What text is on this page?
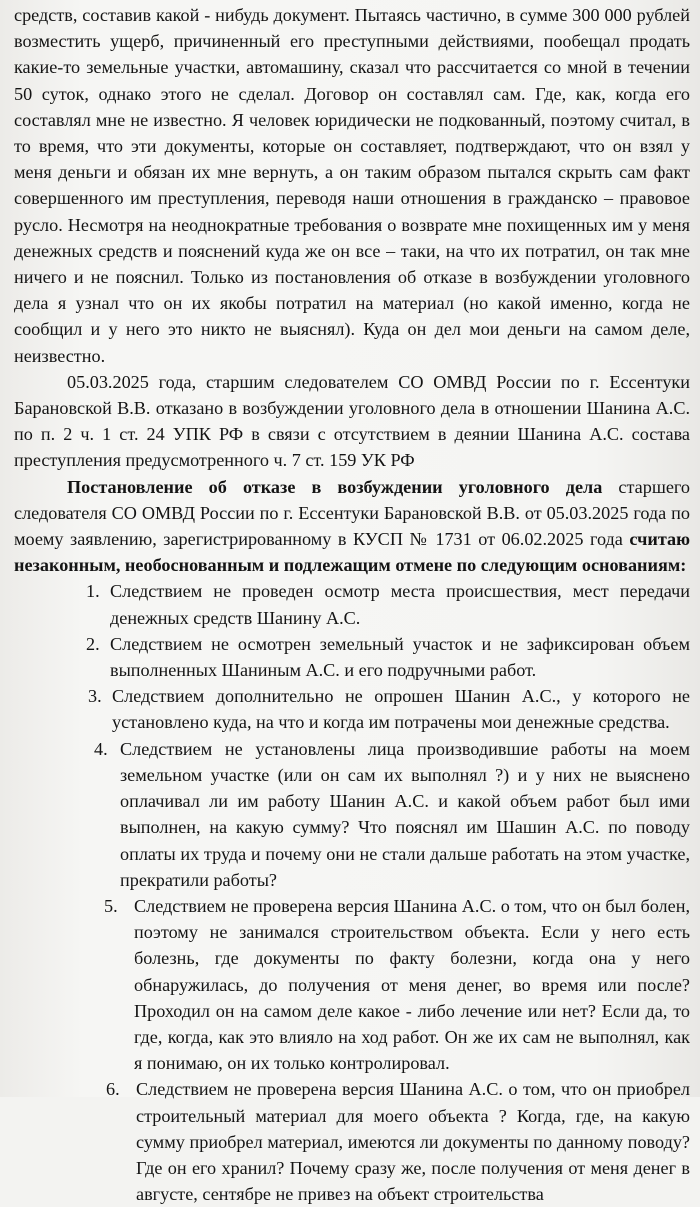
средств, составив какой - нибудь документ. Пытаясь частично, в сумме 300 000 рублей возместить ущерб, причиненный его преступными действиями, пообещал продать какие-то земельные участки, автомашину, сказал что рассчитается со мной в течении 50 суток, однако этого не сделал. Договор он составлял сам. Где, как, когда его составлял мне не известно. Я человек юридически не подкованный, поэтому считал, в то время, что эти документы, которые он составляет, подтверждают, что он взял у меня деньги и обязан их мне вернуть, а он таким образом пытался скрыть сам факт совершенного им преступления, переводя наши отношения в гражданско – правовое русло. Несмотря на неоднократные требования о возврате мне похищенных им у меня денежных средств и пояснений куда же он все – таки, на что их потратил, он так мне ничего и не пояснил. Только из постановления об отказе в возбуждении уголовного дела я узнал что он их якобы потратил на материал (но какой именно, когда не сообщил и у него это никто не выяснял). Куда он дел мои деньги на самом деле, неизвестно.

05.03.2025 года, старшим следователем СО ОМВД России по г. Ессентуки Барановской В.В. отказано в возбуждении уголовного дела в отношении Шанина А.С. по п. 2 ч. 1 ст. 24 УПК РФ в связи с отсутствием в деянии Шанина А.С. состава преступления предусмотренного ч. 7 ст. 159 УК РФ

Постановление об отказе в возбуждении уголовного дела старшего следователя СО ОМВД России по г. Ессентуки Барановской В.В. от 05.03.2025 года по моему заявлению, зарегистрированному в КУСП № 1731 от 06.02.2025 года считаю незаконным, необоснованным и подлежащим отмене по следующим основаниям:

1. Следствием не проведен осмотр места происшествия, мест передачи денежных средств Шанину А.С.
2. Следствием не осмотрен земельный участок и не зафиксирован объем выполненных Шаниным А.С. и его подручными работ.
3. Следствием дополнительно не опрошен Шанин А.С., у которого не установлено куда, на что и когда им потрачены мои денежные средства.
4. Следствием не установлены лица производившие работы на моем земельном участке (или он сам их выполнял ?) и у них не выяснено оплачивал ли им работу Шанин А.С. и какой объем работ был ими выполнен, на какую сумму? Что пояснял им Шашин А.С. по поводу оплаты их труда и почему они не стали дальше работать на этом участке, прекратили работы?
5. Следствием не проверена версия Шанина А.С. о том, что он был болен, поэтому не занимался строительством объекта. Если у него есть болезнь, где документы по факту болезни, когда она у него обнаружилась, до получения от меня денег, во время или после? Проходил он на самом деле какое - либо лечение или нет? Если да, то где, когда, как это влияло на ход работ. Он же их сам не выполнял, как я понимаю, он их только контролировал.
6. Следствием не проверена версия Шанина А.С. о том, что он приобрел строительный материал для моего объекта ? Когда, где, на какую сумму приобрел материал, имеются ли документы по данному поводу? Где он его хранил? Почему сразу же, после получения от меня денег в августе, сентябре не привез на объект строительства
